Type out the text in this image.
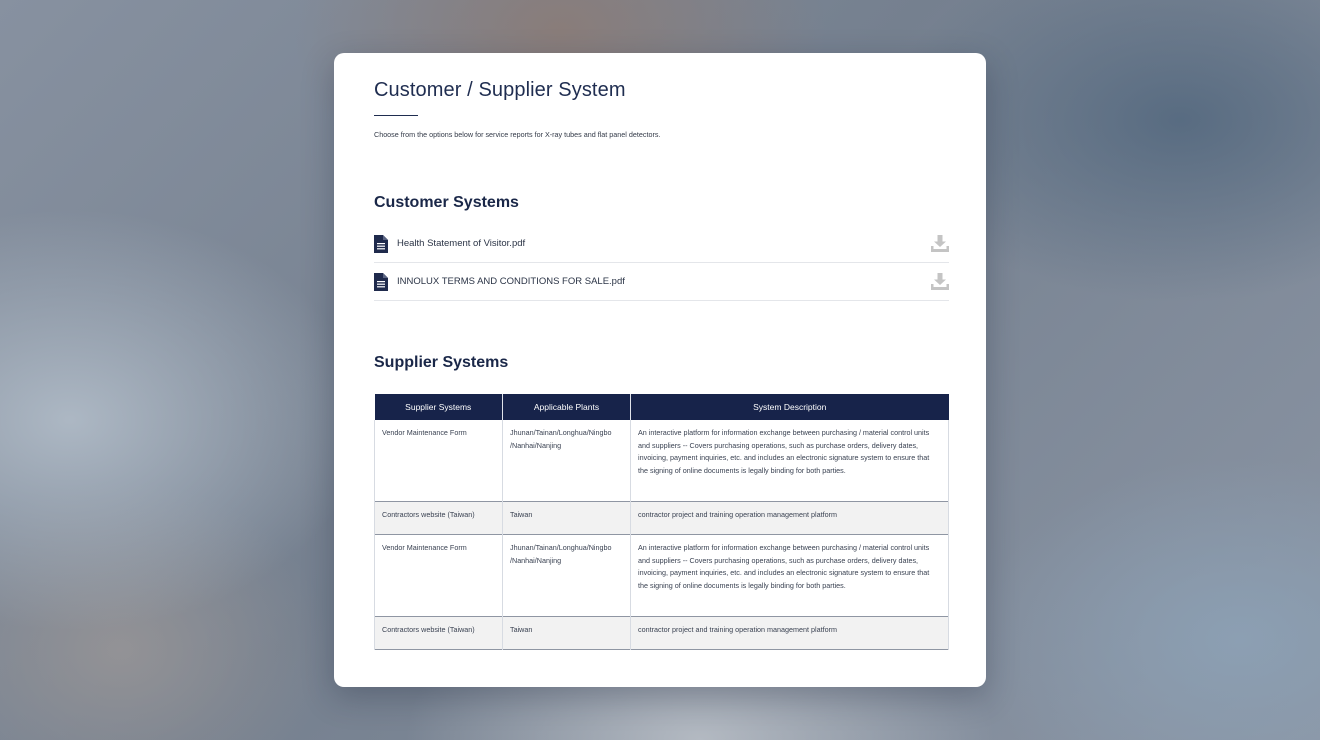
Customer / Supplier System

Choose from the options below for service reports for X-ray tubes and flat panel detectors.

Customer Systems
Health Statement of Visitor.pdf
INNOLUX TERMS AND CONDITIONS FOR SALE.pdf
Supplier Systems
Supplier Systems	Applicable Plants	System Description
Vendor Maintenance Form	Jhunan/Tainan/Longhua/Ningbo /Nanhai/Nanjing	An interactive platform for information exchange between purchasing / material control units and suppliers -- Covers purchasing operations, such as purchase orders, delivery dates, invoicing, payment inquiries, etc. and includes an electronic signature system to ensure that the signing of online documents is legally binding for both parties.
Contractors website (Taiwan)	Taiwan	contractor project and training operation management platform
Vendor Maintenance Form	Jhunan/Tainan/Longhua/Ningbo /Nanhai/Nanjing	An interactive platform for information exchange between purchasing / material control units and suppliers -- Covers purchasing operations, such as purchase orders, delivery dates, invoicing, payment inquiries, etc. and includes an electronic signature system to ensure that the signing of online documents is legally binding for both parties.
Contractors website (Taiwan)	Taiwan	contractor project and training operation management platform
